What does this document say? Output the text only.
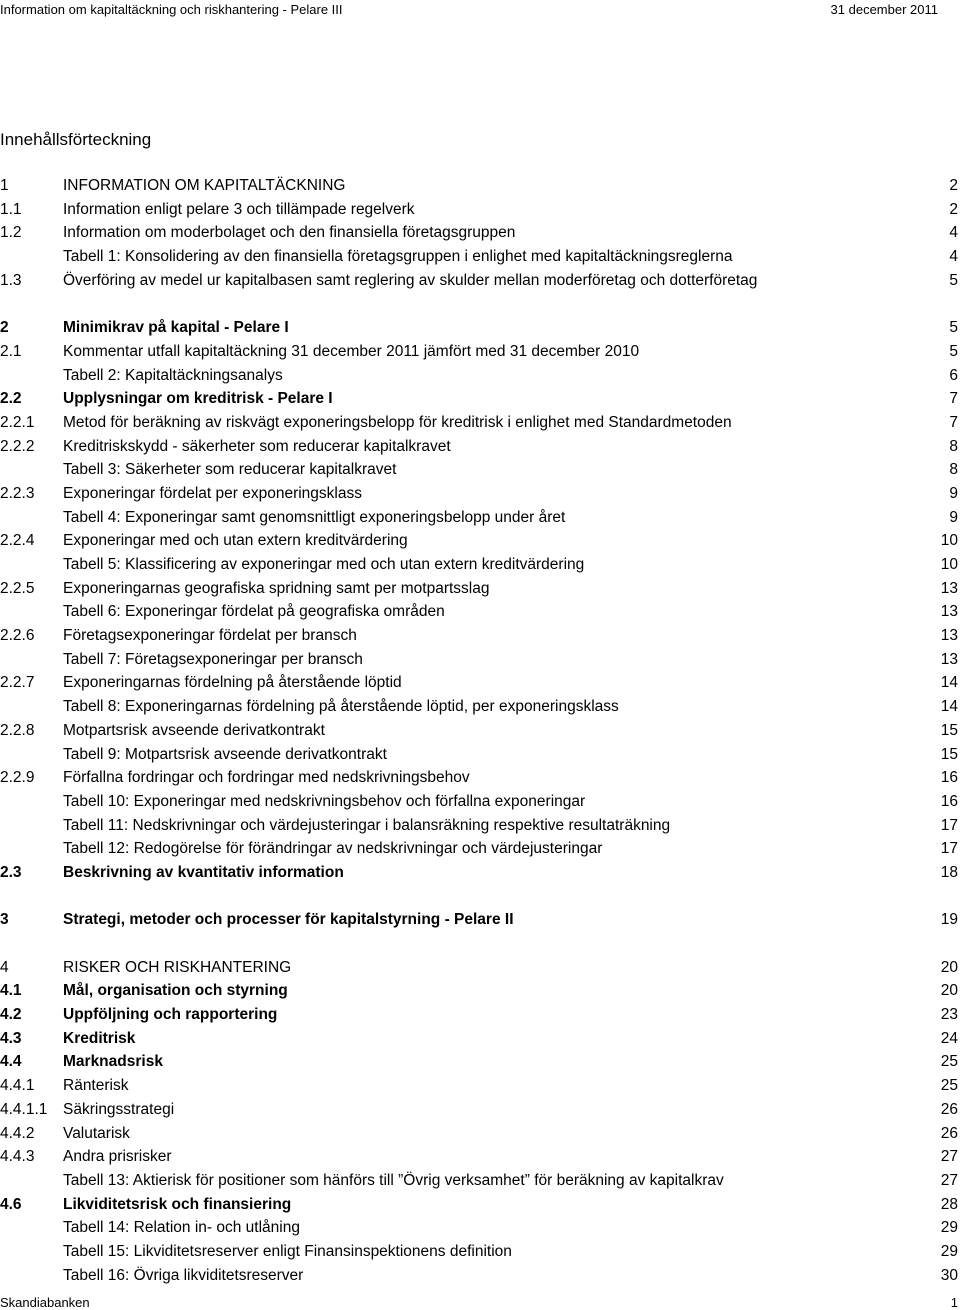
Information om kapitaltäckning och riskhantering - Pelare III	31 december 2011
Innehållsförteckning
1	INFORMATION OM KAPITALTÄCKNING	2
1.1	Information enligt pelare 3 och tillämpade regelverk	2
1.2	Information om moderbolaget och den finansiella företagsgruppen	4
Tabell 1: Konsolidering av den finansiella företagsgruppen i enlighet med kapitaltäckningsreglerna	4
1.3	Överföring av medel ur kapitalbasen samt reglering av skulder mellan moderföretag och dotterföretag	5
2	Minimikrav på kapital - Pelare I	5
2.1	Kommentar utfall kapitaltäckning 31 december 2011 jämfört med 31 december 2010	5
Tabell 2: Kapitaltäckningsanalys	6
2.2	Upplysningar om kreditrisk - Pelare I	7
2.2.1 Metod för beräkning av riskvägt exponeringsbelopp för kreditrisk i enlighet med Standardmetoden	7
2.2.2 Kreditriskskydd - säkerheter som reducerar kapitalkravet	8
Tabell 3: Säkerheter som reducerar kapitalkravet	8
2.2.3 Exponeringar fördelat per exponeringsklass	9
Tabell 4: Exponeringar samt genomsnittligt exponeringsbelopp under året	9
2.2.4 Exponeringar med och utan extern kreditvärdering	10
Tabell 5: Klassificering av exponeringar med och utan extern kreditvärdering	10
2.2.5 Exponeringarnas geografiska spridning samt per motpartsslag	13
Tabell 6: Exponeringar fördelat på geografiska områden	13
2.2.6 Företagsexponeringar fördelat per bransch	13
Tabell 7: Företagsexponeringar per bransch	13
2.2.7 Exponeringarnas fördelning på återstående löptid	14
Tabell 8: Exponeringarnas fördelning på återstående löptid, per exponeringsklass	14
2.2.8 Motpartsrisk avseende derivatkontrakt	15
Tabell 9: Motpartsrisk avseende derivatkontrakt	15
2.2.9 Förfallna fordringar och fordringar med nedskrivningsbehov	16
Tabell 10: Exponeringar med nedskrivningsbehov och förfallna exponeringar	16
Tabell 11: Nedskrivningar och värdejusteringar i balansräkning respektive resultaträkning	17
Tabell 12: Redogörelse för förändringar av nedskrivningar och värdejusteringar	17
2.3	Beskrivning av kvantitativ information	18
3	Strategi, metoder och processer för kapitalstyrning - Pelare II	19
4	RISKER OCH RISKHANTERING	20
4.1	Mål, organisation och styrning	20
4.2	Uppföljning och rapportering	23
4.3	Kreditrisk	24
4.4	Marknadsrisk	25
4.4.1 Ränterisk	25
4.4.1.1 Säkringsstrategi	26
4.4.2 Valutarisk	26
4.4.3 Andra prisrisker	27
Tabell 13: Aktierisk för positioner som hänförs till ”Övrig verksamhet” för beräkning av kapitalkrav	27
4.6	Likviditetsrisk och finansiering	28
Tabell 14: Relation in- och utlåning	29
Tabell 15: Likviditetsreserver enligt Finansinspektionens definition	29
Tabell 16: Övriga likviditetsreserver	30
Skandiabanken	1
